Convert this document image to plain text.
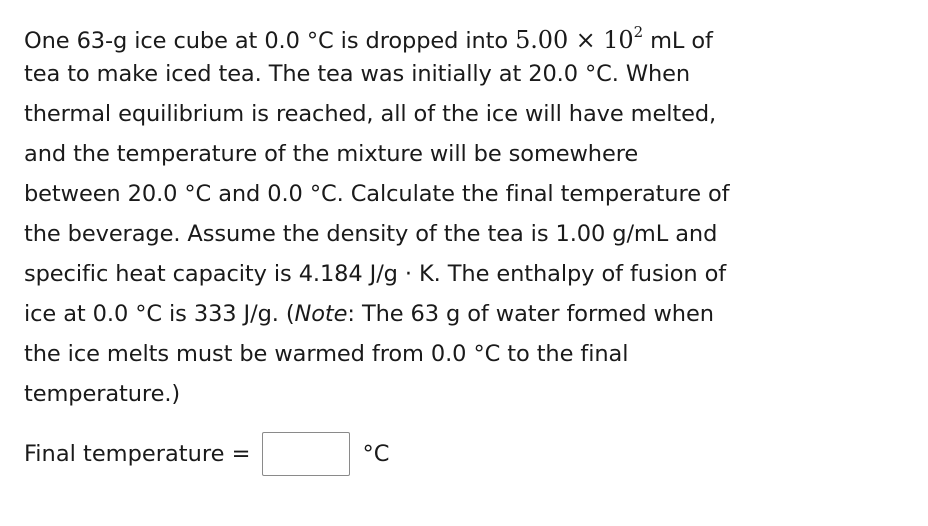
One 63-g ice cube at 0.0 °C is dropped into $5.00 \times 10^2$ mL of
tea to make iced tea. The tea was initially at 20.0 °C. When
thermal equilibrium is reached, all of the ice will have melted,
and the temperature of the mixture will be somewhere
between 20.0 °C and 0.0 °C. Calculate the final temperature of
the beverage. Assume the density of the tea is 1.00 g/mL and
specific heat capacity is 4.184 J/g · K. The enthalpy of fusion of
ice at 0.0 °C is 333 J/g. (Note: The 63 g of water formed when
the ice melts must be warmed from 0.0 °C to the final
temperature.)
Final temperature =	°C
